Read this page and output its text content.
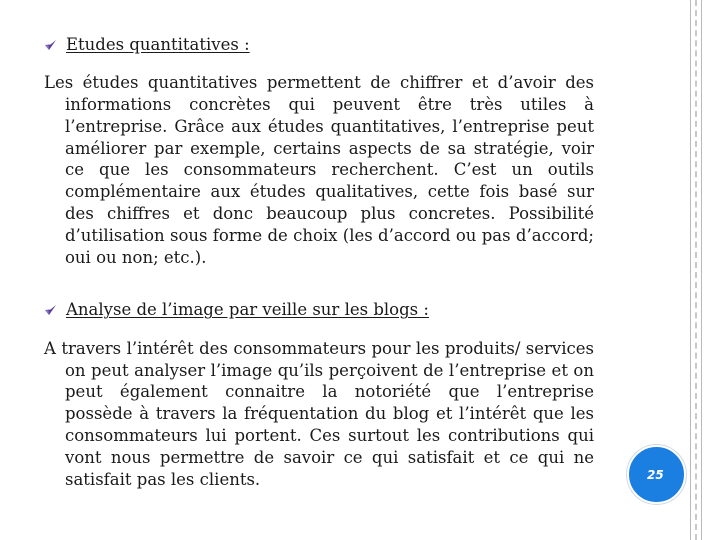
Etudes quantitatives :

Les études quantitatives permettent de chiffrer et d’avoir des informations concrètes qui peuvent être très utiles à l’entreprise. Grâce aux études quantitatives, l’entreprise peut améliorer par exemple, certains aspects de sa stratégie, voir ce que les consommateurs recherchent. C’est un outils complémentaire aux études qualitatives, cette fois basé sur des chiffres et donc beaucoup plus concretes. Possibilité d’utilisation sous forme de choix (les d’accord ou pas d’accord; oui ou non; etc.).

Analyse de l’image par veille sur les blogs :

A travers l’intérêt des consommateurs pour les produits/ services on peut analyser l’image qu’ils perçoivent de l’entreprise et on peut également connaitre la notoriété que l’entreprise possède à travers la fréquentation du blog et l’intérêt que les consommateurs lui portent. Ces surtout les contributions qui vont nous permettre de savoir ce qui satisfait et ce qui ne satisfait pas les clients.	25
